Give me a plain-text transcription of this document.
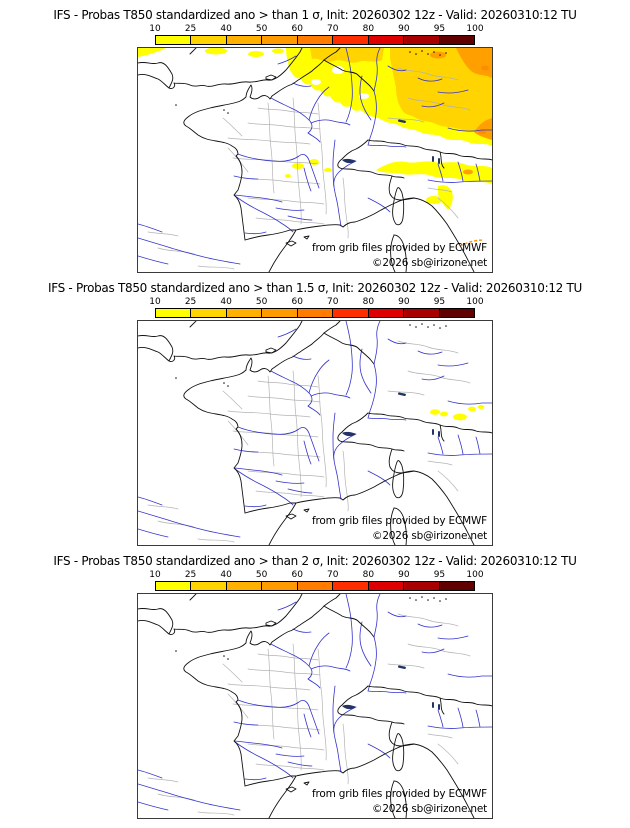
IFS - Probas T850 standardized ano > than 1 σ, Init: 20260302 12z - Valid: 20260310:12 TU
10	25	40	50	60	70	80	90	95 100
from grib files provided by ECMWF
©2026 sb@irizone.net
IFS - Probas T850 standardized ano > than 1.5 σ, Init: 20260302 12z - Valid: 20260310:12 TU
10	25	40	50	60	70	80	90	95 100
from grib files provided by ECMWF
©2026 sb@irizone.net
IFS - Probas T850 standardized ano > than 2 σ, Init: 20260302 12z - Valid: 20260310:12 TU
10	25	40	50	60	70	80	90	95 100
from grib files provided by ECMWF
©2026 sb@irizone.net
